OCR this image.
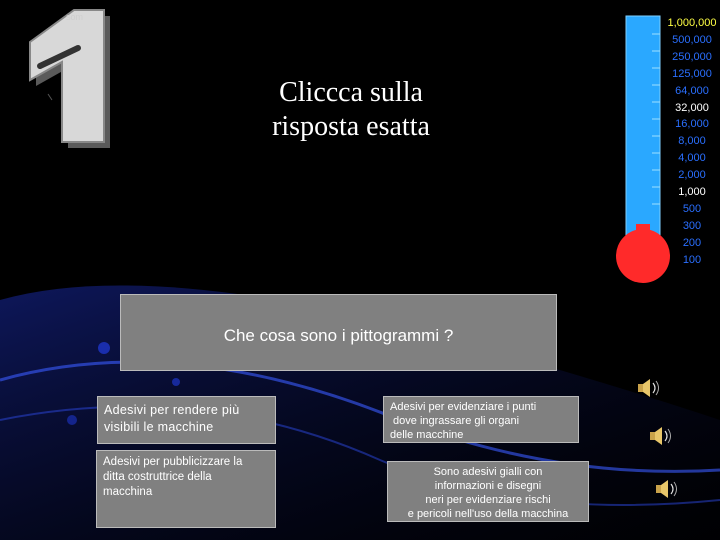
som
Cliccca sulla
risposta esatta
1,000,000
500,000
250,000
125,000
64,000
32,000
16,000
8,000
4,000
2,000
1,000
500
300
200
100
Che cosa sono i pittogrammi ?
Adesivi per rendere più
visibili le macchine
Adesivi per evidenziare i punti
dove ingrassare gli organi
delle macchine
Adesivi per pubblicizzare la
ditta costruttrice della
macchina
Sono adesivi gialli con
informazioni e disegni
neri per evidenziare rischi
e pericoli nell'uso della macchina
